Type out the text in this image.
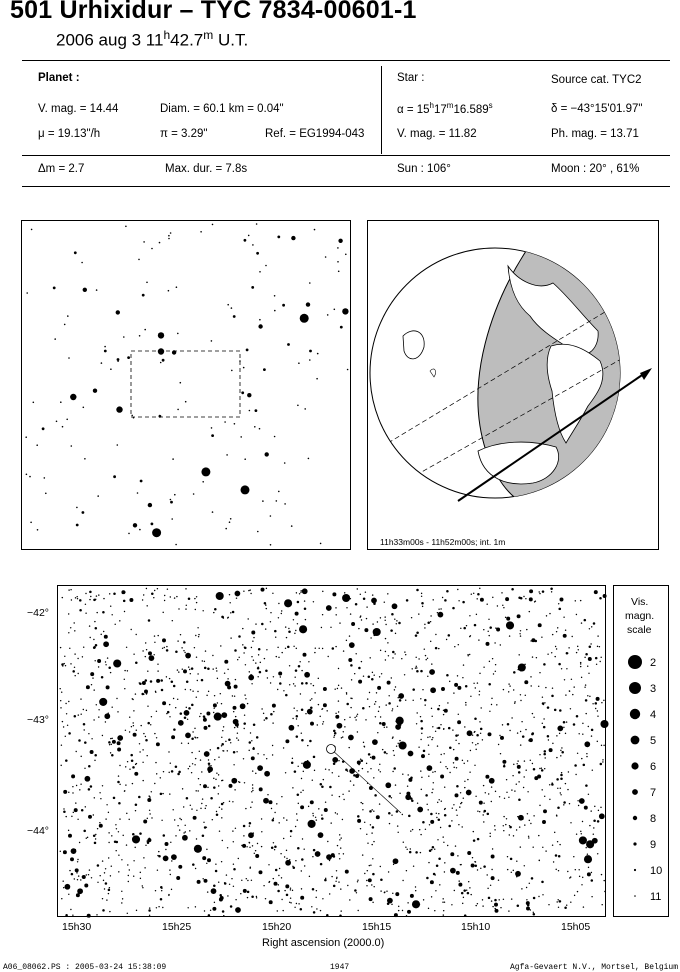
501 Urhixidur – TYC 7834-00601-1
2006 aug 3 11$^h$42.7$^m$ U.T.
Planet :
V. mag. = 14.44	Diam. = 60.1 km = 0.04"
μ = 19.13"/h	π = 3.29"	Ref. = EG1994-043
Star :	Source cat. TYC2
$\alpha = 15^h17^m16.589^s$	δ = −43°15'01.97"
V. mag. = 11.82	Ph. mag. = 13.71
Δm = 2.7	Max. dur. = 7.8s	Sun : 106°	Moon : 20° , 61%
11h33m00s - 11h52m00s; int. 1m
−42°
−43°
−44°
15h30	15h25	15h20	15h15	15h10	15h05
Right ascension (2000.0)
Vis.
magn.
scale
2
3
4
5
6
7
8
9
10
11
A06_08062.PS : 2005-03-24 15:38:09	1947	Agfa-Gevaert N.V., Mortsel, Belgium
